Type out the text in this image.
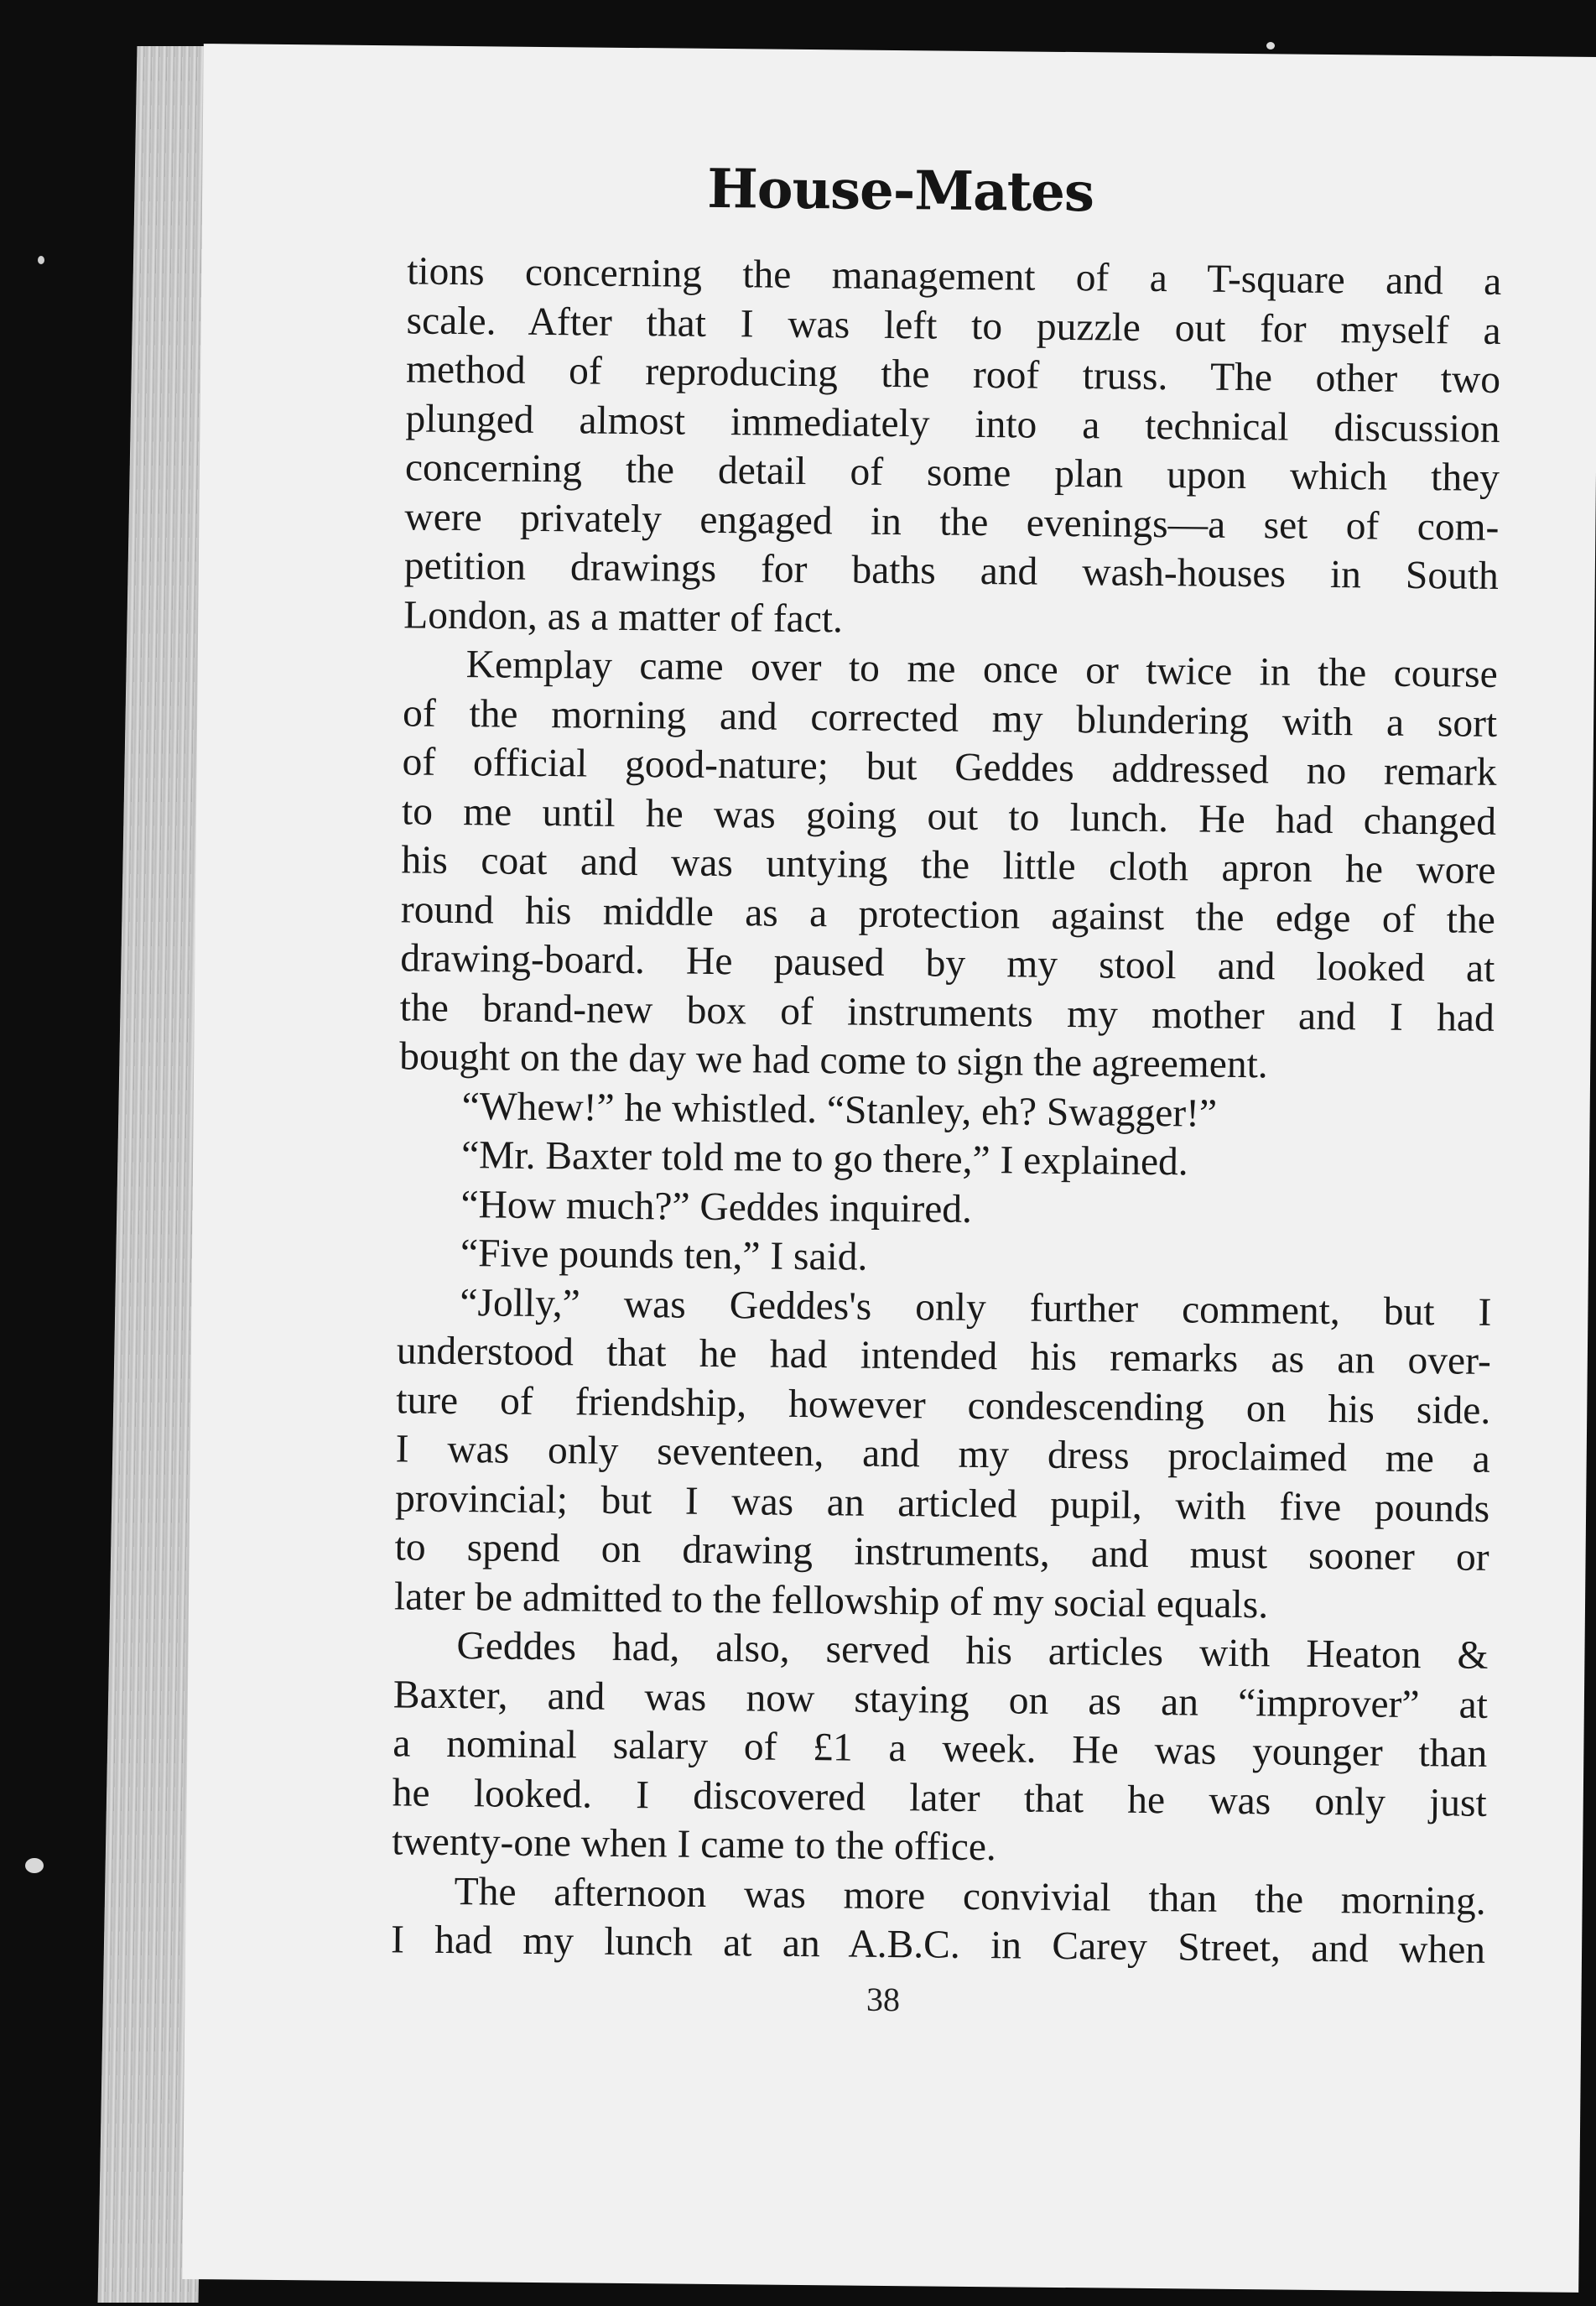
House-Mates
tions concerning the management of a T-square and a
scale. After that I was left to puzzle out for myself a
method of reproducing the roof truss. The other two
plunged almost immediately into a technical discussion
concerning the detail of some plan upon which they
were privately engaged in the evenings—a set of com-
petition drawings for baths and wash-houses in South
London, as a matter of fact.
Kemplay came over to me once or twice in the course
of the morning and corrected my blundering with a sort
of official good-nature; but Geddes addressed no remark
to me until he was going out to lunch. He had changed
his coat and was untying the little cloth apron he wore
round his middle as a protection against the edge of the
drawing-board. He paused by my stool and looked at
the brand-new box of instruments my mother and I had
bought on the day we had come to sign the agreement.
“Whew!” he whistled. “Stanley, eh? Swagger!”
“Mr. Baxter told me to go there,” I explained.
“How much?” Geddes inquired.
“Five pounds ten,” I said.
“Jolly,” was Geddes's only further comment, but I
understood that he had intended his remarks as an over-
ture of friendship, however condescending on his side.
I was only seventeen, and my dress proclaimed me a
provincial; but I was an articled pupil, with five pounds
to spend on drawing instruments, and must sooner or
later be admitted to the fellowship of my social equals.
Geddes had, also, served his articles with Heaton &
Baxter, and was now staying on as an “improver” at
a nominal salary of £1 a week. He was younger than
he looked. I discovered later that he was only just
twenty-one when I came to the office.
The afternoon was more convivial than the morning.
I had my lunch at an A.B.C. in Carey Street, and when
38
